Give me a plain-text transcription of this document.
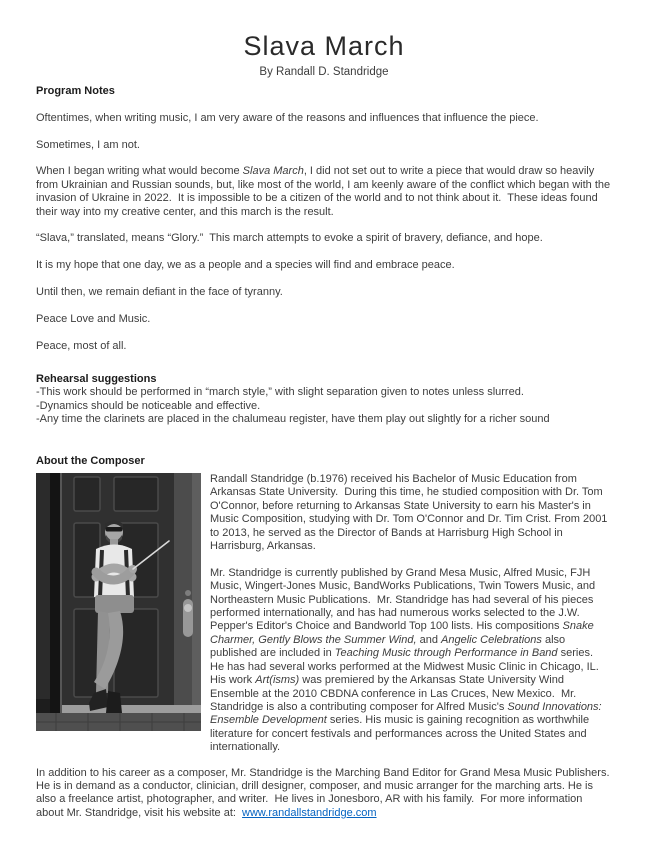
Slava March
By Randall D. Standridge
Program Notes

Oftentimes, when writing music, I am very aware of the reasons and influences that influence the piece.

Sometimes, I am not.

When I began writing what would become Slava March, I did not set out to write a piece that would draw so heavily from Ukrainian and Russian sounds, but, like most of the world, I am keenly aware of the conflict which began with the invasion of Ukraine in 2022.  It is impossible to be a citizen of the world and to not think about it.  These ideas found their way into my creative center, and this march is the result.

“Slava,” translated, means “Glory.”  This march attempts to evoke a spirit of bravery, defiance, and hope.

It is my hope that one day, we as a people and a species will find and embrace peace.

Until then, we remain defiant in the face of tyranny.

Peace Love and Music.

Peace, most of all.

Rehearsal suggestions
-This work should be performed in “march style,” with slight separation given to notes unless slurred.
-Dynamics should be noticeable and effective.
-Any time the clarinets are placed in the chalumeau register, have them play out slightly for a richer sound
About the Composer

Randall Standridge (b.1976) received his Bachelor of Music Education from Arkansas State University.  During this time, he studied composition with Dr. Tom O'Connor, before returning to Arkansas State University to earn his Master's in Music Composition, studying with Dr. Tom O'Connor and Dr. Tim Crist. From 2001 to 2013, he served as the Director of Bands at Harrisburg High School in Harrisburg, Arkansas.

Mr. Standridge is currently published by Grand Mesa Music, Alfred Music, FJH Music, Wingert-Jones Music, BandWorks Publications, Twin Towers Music, and Northeastern Music Publications.  Mr. Standridge has had several of his pieces performed internationally, and has had numerous works selected to the J.W. Pepper's Editor's Choice and Bandworld Top 100 lists. His compositions Snake Charmer, Gently Blows the Summer Wind, and Angelic Celebrations also published are included in Teaching Music through Performance in Band series.   He has had several works performed at the Midwest Music Clinic in Chicago, IL.  His work Art(isms) was premiered by the Arkansas State University Wind Ensemble at the 2010 CBDNA conference in Las Cruces, New Mexico.  Mr. Standridge is also a contributing composer for Alfred Music's Sound Innovations: Ensemble Development series. His music is gaining recognition as worthwhile literature for concert festivals and performances across the United States and internationally.

In addition to his career as a composer, Mr. Standridge is the Marching Band Editor for Grand Mesa Music Publishers. He is in demand as a conductor, clinician, drill designer, composer, and music arranger for the marching arts. He is also a freelance artist, photographer, and writer.  He lives in Jonesboro, AR with his family.  For more information about Mr. Standridge, visit his website at:  www.randallstandridge.com
